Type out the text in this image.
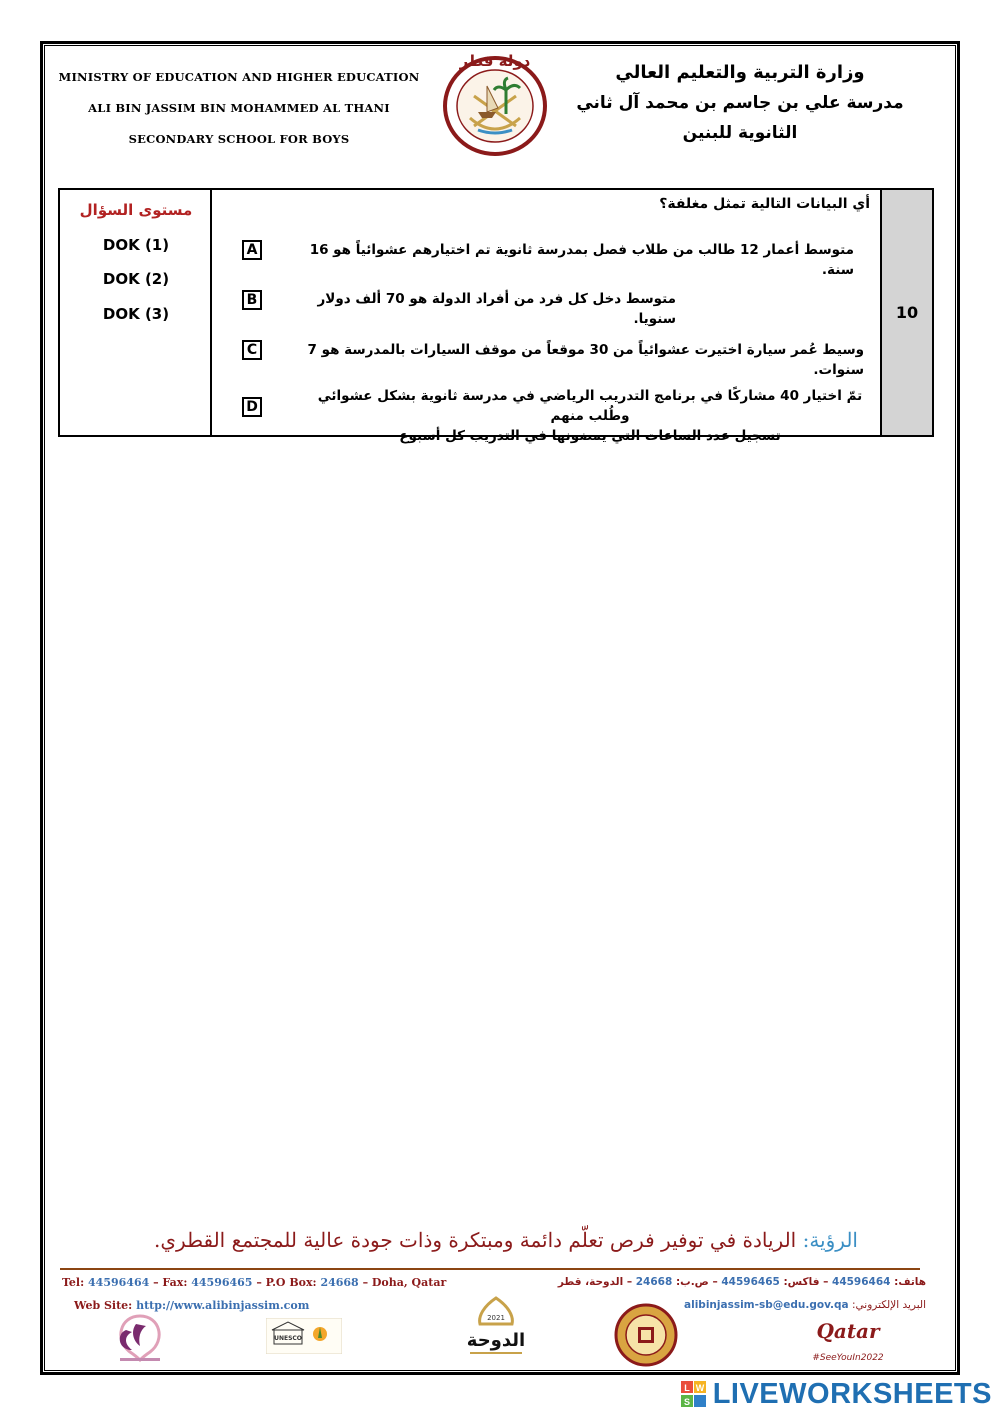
MINISTRY OF EDUCATION AND HIGHER EDUCATION
ALI BIN JASSIM BIN MOHAMMED AL THANI
SECONDARY SCHOOL FOR BOYS
دولة قطر
وزارة التربية والتعليم العالي
مدرسة علي بن جاسم بن محمد آل ثاني
الثانوية للبنين
مستوى السؤال
DOK (1)
DOK (2)
DOK (3)
أي البيانات التالية تمثل مغلفة؟
A	متوسط أعمار 12 طالب من طلاب فصل بمدرسة ثانوية تم اختيارهم عشوائياً هو 16 سنة.
B	متوسط دخل كل فرد من أفراد الدولة هو 70 ألف دولار سنويا.
C	وسيط عُمر سيارة اختيرت عشوائياً من 30 موقعاً من موقف السيارات بالمدرسة هو 7 سنوات.
D
تمّ اختيار 40 مشاركًا في برنامج التدريب الرياضي في مدرسة ثانوية بشكل عشوائي وطُلب منهم
تسجيل عدد الساعات التي يمضونها في التدريب كل أسبوع
10
الرؤية: الريادة في توفير فرص تعلّم دائمة ومبتكرة وذات جودة عالية للمجتمع القطري.
Tel: 44596464 – Fax: 44596465 – P.O Box: 24668 – Doha, Qatar
Web Site: http://www.alibinjassim.com
هاتف: 44596464 – فاكس: 44596465 – ص.ب: 24668 – الدوحة، قطر
البريد الإلكتروني: alibinjassim-sb@edu.gov.qa
UNESCO
2021
الدوحة	Qatar
#SeeYouIn2022
L W
S LIVEWORKSHEETS
